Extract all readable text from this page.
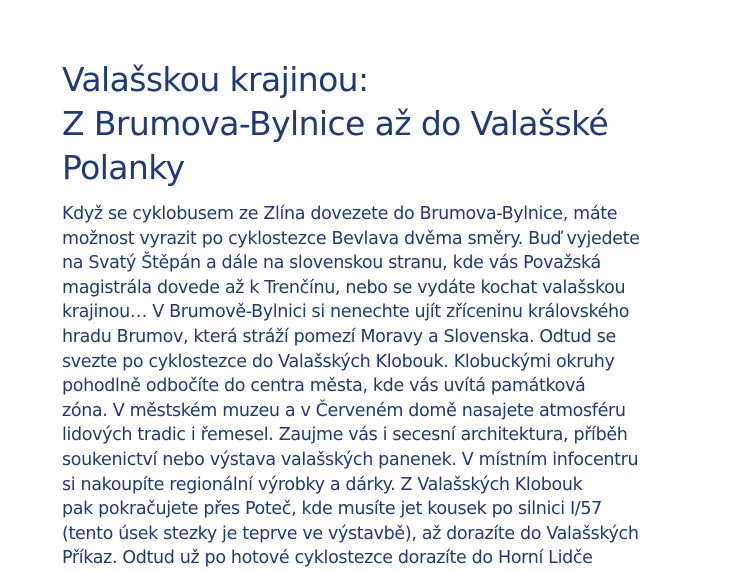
Valašskou krajinou:
Z Brumova-Bylnice až do Valašské
Polanky
Když se cyklobusem ze Zlína dovezete do Brumova-Bylnice, máte
možnost vyrazit po cyklostezce Bevlava dvěma směry. Buď vyjedete
na Svatý Štěpán a dále na slovenskou stranu, kde vás Považská
magistrála dovede až k Trenčínu, nebo se vydáte kochat valašskou
krajinou… V Brumově-Bylnici si nenechte ujít zříceninu královského
hradu Brumov, která stráží pomezí Moravy a Slovenska. Odtud se
svezte po cyklostezce do Valašských Klobouk. Klobuckými okruhy
pohodlně odbočíte do centra města, kde vás uvítá památková
zóna. V městském muzeu a v Červeném domě nasajete atmosféru
lidových tradic i řemesel. Zaujme vás i secesní architektura, příběh
soukenictví nebo výstava valašských panenek. V místním infocentru
si nakoupíte regionální výrobky a dárky. Z Valašských Klobouk
pak pokračujete přes Poteč, kde musíte jet kousek po silnici I/57
(tento úsek stezky je teprve ve výstavbě), až dorazíte do Valašských
Příkaz. Odtud už po hotové cyklostezce dorazíte do Horní Lidče
